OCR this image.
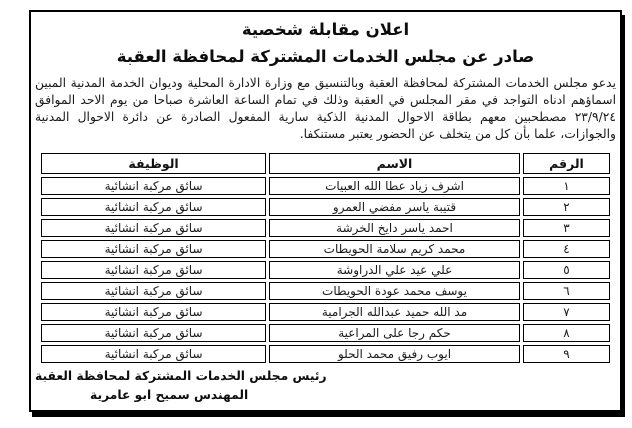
اعلان مقابلة شخصية
صادر عن مجلس الخدمات المشتركة لمحافظة العقبة
يدعو مجلس الخدمات المشتركة لمحافظة العقبة وبالتنسيق مع وزارة الادارة المحلية وديوان الخدمة المدنية المبين اسماؤهم ادناه التواجد في مقر المجلس في العقبة وذلك في تمام الساعة العاشرة صباحا من يوم الاحد الموافق ٢٣/٩/٢٤ مصطحبين معهم بطاقة الاحوال المدنية الذكية سارية المفعول الصادرة عن دائرة الاحوال المدنية والجوازات، علما بأن كل من يتخلف عن الحضور يعتبر مستنكفا.
الرقم	الاسم	الوظيفة
١	اشرف زياد عطا الله العبيات	سائق مركبة انشائية
٢	قتيبة ياسر مفضي العمرو	سائق مركبة انشائية
٣	احمد ياسر دايخ الخرشة	سائق مركبة انشائية
٤	محمد كريم سلامة الحويطات	سائق مركبة انشائية
٥	علي عيد علي الدراوشة	سائق مركبة انشائية
٦	يوسف محمد عودة الحويطات	سائق مركبة انشائية
٧	مد الله حميد عبدالله الجرامية	سائق مركبة انشائية
٨	حكم رجا على المراعية	سائق مركبة انشائية
٩	ايوب رفيق محمد الحلو	سائق مركبة انشائية
رئيس مجلس الخدمات المشتركة لمحافظة العقبة
المهندس سميح ابو عامرية
